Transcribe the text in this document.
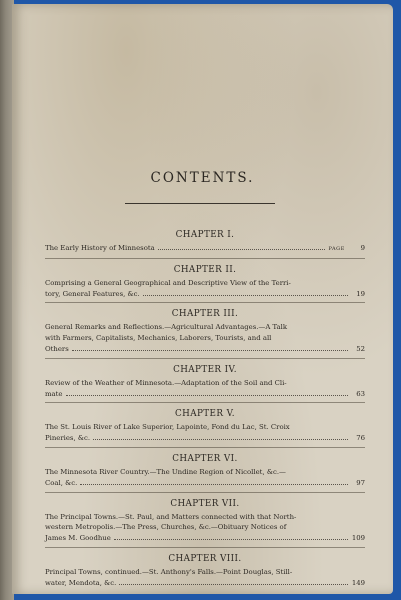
CONTENTS.
CHAPTER I.
The Early History of Minnesota	PAGE	9
CHAPTER II.
Comprising a General Geographical and Descriptive View of the Terri-
tory, General Features, &c.	19
CHAPTER III.
General Remarks and Reflections.—Agricultural Advantages.—A Talk
with Farmers, Capitalists, Mechanics, Laborers, Tourists, and all
Others	52
CHAPTER IV.
Review of the Weather of Minnesota.—Adaptation of the Soil and Cli-
mate	63
CHAPTER V.
The St. Louis River of Lake Superior, Lapointe, Fond du Lac, St. Croix
Pineries, &c.	76
CHAPTER VI.
The Minnesota River Country.—The Undine Region of Nicollet, &c.—
Coal, &c.	97
CHAPTER VII.
The Principal Towns.—St. Paul, and Matters connected with that North-
western Metropolis.—The Press, Churches, &c.—Obituary Notices of
James M. Goodhue	109
CHAPTER VIII.
Principal Towns, continued.—St. Anthony's Falls.—Point Douglas, Still-
water, Mendota, &c.	149
